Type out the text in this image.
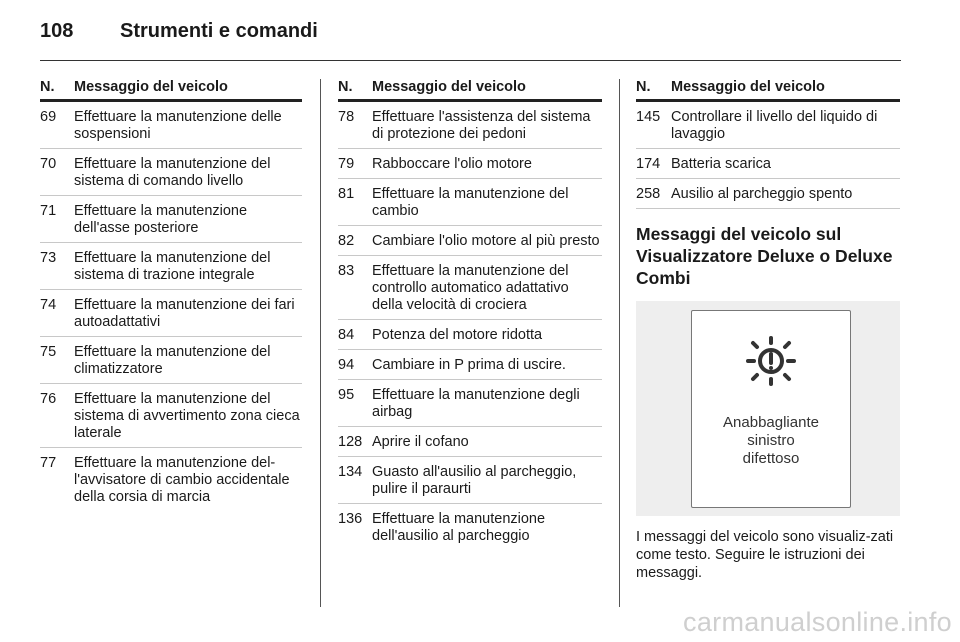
108 Strumenti e comandi
N.	Messaggio del veicolo
69	Effettuare la manutenzione delle sospensioni
70	Effettuare la manutenzione del sistema di comando livello
71	Effettuare la manutenzione dell'asse posteriore
73	Effettuare la manutenzione del sistema di trazione integrale
74	Effettuare la manutenzione dei fari autoadattativi
75	Effettuare la manutenzione del climatizzatore
76	Effettuare la manutenzione del sistema di avvertimento zona cieca laterale
77	Effettuare la manutenzione del-l'avvisatore di cambio accidentale della corsia di marcia
N.	Messaggio del veicolo
78	Effettuare l'assistenza del sistema di protezione dei pedoni
79	Rabboccare l'olio motore
81	Effettuare la manutenzione del cambio
82	Cambiare l'olio motore al più presto
83	Effettuare la manutenzione del controllo automatico adattativo della velocità di crociera
84	Potenza del motore ridotta
94	Cambiare in P prima di uscire.
95	Effettuare la manutenzione degli airbag
128 Aprire il cofano
134 Guasto all'ausilio al parcheggio, pulire il paraurti
136 Effettuare la manutenzione dell'ausilio al parcheggio
N.	Messaggio del veicolo
145 Controllare il livello del liquido di lavaggio
174 Batteria scarica
258 Ausilio al parcheggio spento
Messaggi del veicolo sul Visualizzatore Deluxe o Deluxe Combi
Anabbagliante
sinistro
difettoso
I messaggi del veicolo sono visualiz-zati come testo. Seguire le istruzioni dei messaggi.
carmanualsonline.info
